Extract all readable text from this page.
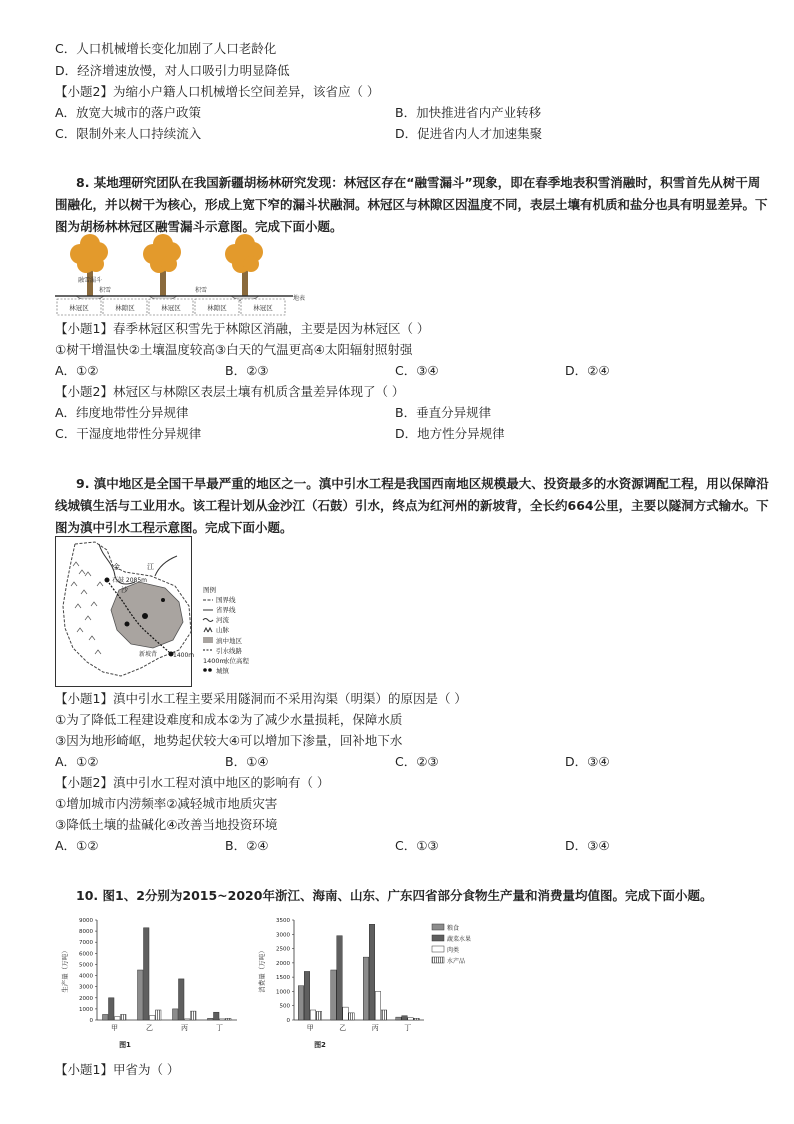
C．人口机械增长变化加剧了人口老龄化
D．经济增速放慢，对人口吸引力明显降低
【小题2】为缩小户籍人口机械增长空间差异，该省应（ ）
A．放宽大城市的落户政策	B．加快推进省内产业转移
C．限制外来人口持续流入	D．促进省内人才加速集聚
8. 某地理研究团队在我国新疆胡杨林研究发现：林冠区存在“融雪漏斗”现象，即在春季地表积雪消融时，积雪首先从树干周
围融化，并以树干为核心，形成上宽下窄的漏斗状融洞。林冠区与林隙区因温度不同，表层土壤有机质和盐分也具有明显差异。下
图为胡杨林林冠区融雪漏斗示意图。完成下面小题。
融雪漏斗
积雪	积雪
地表
林冠区	林隙区	林冠区	林隙区	林冠区
【小题1】春季林冠区积雪先于林隙区消融，主要是因为林冠区（ ）
①树干增温快②土壤温度较高③白天的气温更高④太阳辐射照射强
A．①②	B．②③	C．③④	D．②④
【小题2】林冠区与林隙区表层土壤有机质含量差异体现了（ ）
A．纬度地带性分异规律	B．垂直分异规律
C．干湿度地带性分异规律	D．地方性分异规律
9. 滇中地区是全国干旱最严重的地区之一。滇中引水工程是我国西南地区规模最大、投资最多的水资源调配工程，用以保障沿
线城镇生活与工业用水。该工程计划从金沙江（石鼓）引水，终点为红河州的新坡背，全长约664公里，主要以隧洞方式输水。下
图为滇中引水工程示意图。完成下面小题。
金	江
沙
石鼓 2085m
新坡背	1400m
图例
国界线
省界线
河流
山脉
滇中地区
引水线路
1400m
水位高程
城镇
【小题1】滇中引水工程主要采用隧洞而不采用沟渠（明渠）的原因是（ ）
①为了降低工程建设难度和成本②为了减少水量损耗，保障水质
③因为地形崎岖，地势起伏较大④可以增加下渗量，回补地下水
A．①②	B．①④	C．②③	D．③④
【小题2】滇中引水工程对滇中地区的影响有（ ）
①增加城市内涝频率②减轻城市地质灾害
③降低土壤的盐碱化④改善当地投资环境
A．①②	B．②④	C．①③	D．③④
10. 图1、2分别为2015~2020年浙江、海南、山东、广东四省部分食物生产量和消费量均值图。完成下面小题。
0
1000
2000
3000
4000
5000
6000
7000
8000
9000
生产量（万吨）
甲	乙	丙	丁
图1
0
500
1000
1500
2000
2500
3000
3500
消费量（万吨）
甲	乙	丙	丁
图2
粮食
蔬菜水果
肉类
水产品
【小题1】甲省为（ ）
